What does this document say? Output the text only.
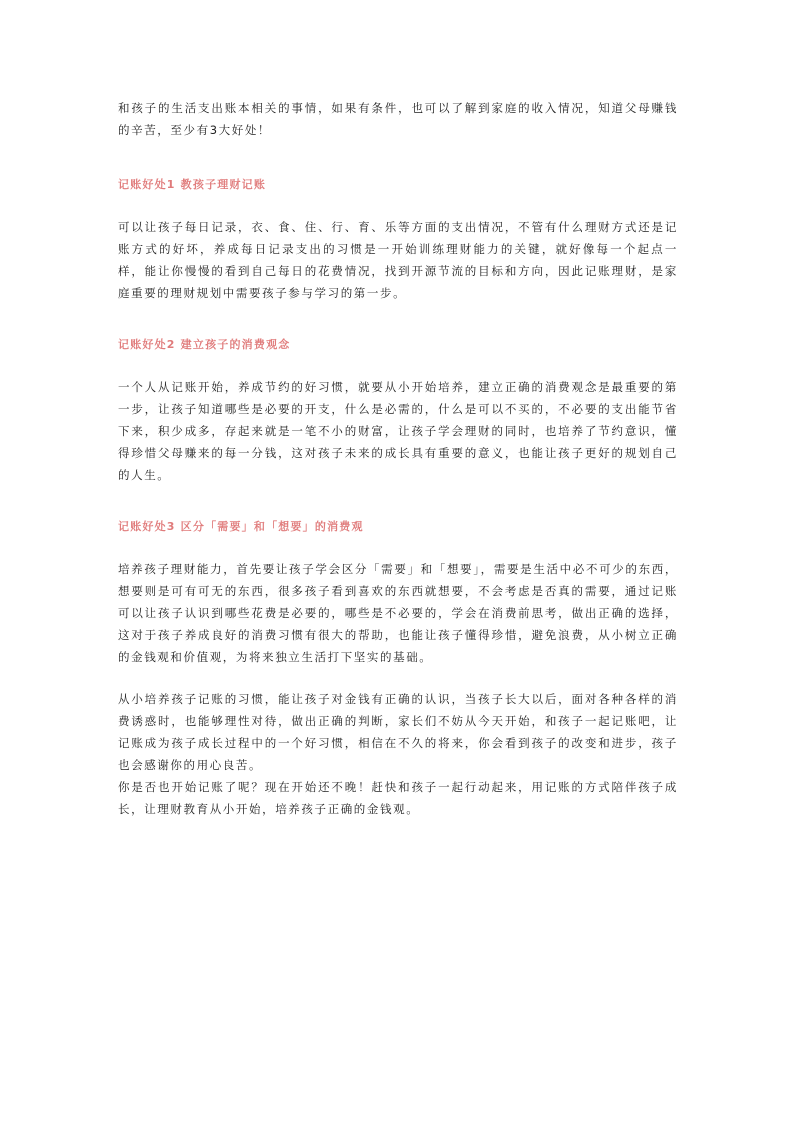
和孩子的生活支出账本相关的事情，如果有条件，也可以了解到家庭的收入情况，知道父母赚钱的辛苦，至少有3大好处！

记账好处1 教孩子理财记账

可以让孩子每日记录，衣、食、住、行、育、乐等方面的支出情况，不管有什么理财方式还是记账方式的好坏，养成每日记录支出的习惯是一开始训练理财能力的关键，就好像每一个起点一样，能让你慢慢的看到自己每日的花费情况，找到开源节流的目标和方向，因此记账理财，是家庭重要的理财规划中需要孩子参与学习的第一步。

记账好处2 建立孩子的消费观念

一个人从记账开始，养成节约的好习惯，就要从小开始培养，建立正确的消费观念是最重要的第一步，让孩子知道哪些是必要的开支，什么是必需的，什么是可以不买的，不必要的支出能节省下来，积少成多，存起来就是一笔不小的财富，让孩子学会理财的同时，也培养了节约意识，懂得珍惜父母赚来的每一分钱，这对孩子未来的成长具有重要的意义，也能让孩子更好的规划自己的人生。

记账好处3 区分「需要」和「想要」的消费观

培养孩子理财能力，首先要让孩子学会区分「需要」和「想要」，需要是生活中必不可少的东西，想要则是可有可无的东西，很多孩子看到喜欢的东西就想要，不会考虑是否真的需要，通过记账可以让孩子认识到哪些花费是必要的，哪些是不必要的，学会在消费前思考，做出正确的选择，这对于孩子养成良好的消费习惯有很大的帮助，也能让孩子懂得珍惜，避免浪费，从小树立正确的金钱观和价值观，为将来独立生活打下坚实的基础。

从小培养孩子记账的习惯，能让孩子对金钱有正确的认识，当孩子长大以后，面对各种各样的消费诱惑时，也能够理性对待，做出正确的判断，家长们不妨从今天开始，和孩子一起记账吧，让记账成为孩子成长过程中的一个好习惯，相信在不久的将来，你会看到孩子的改变和进步，孩子也会感谢你的用心良苦。

你是否也开始记账了呢？现在开始还不晚！赶快和孩子一起行动起来，用记账的方式陪伴孩子成长，让理财教育从小开始，培养孩子正确的金钱观。
